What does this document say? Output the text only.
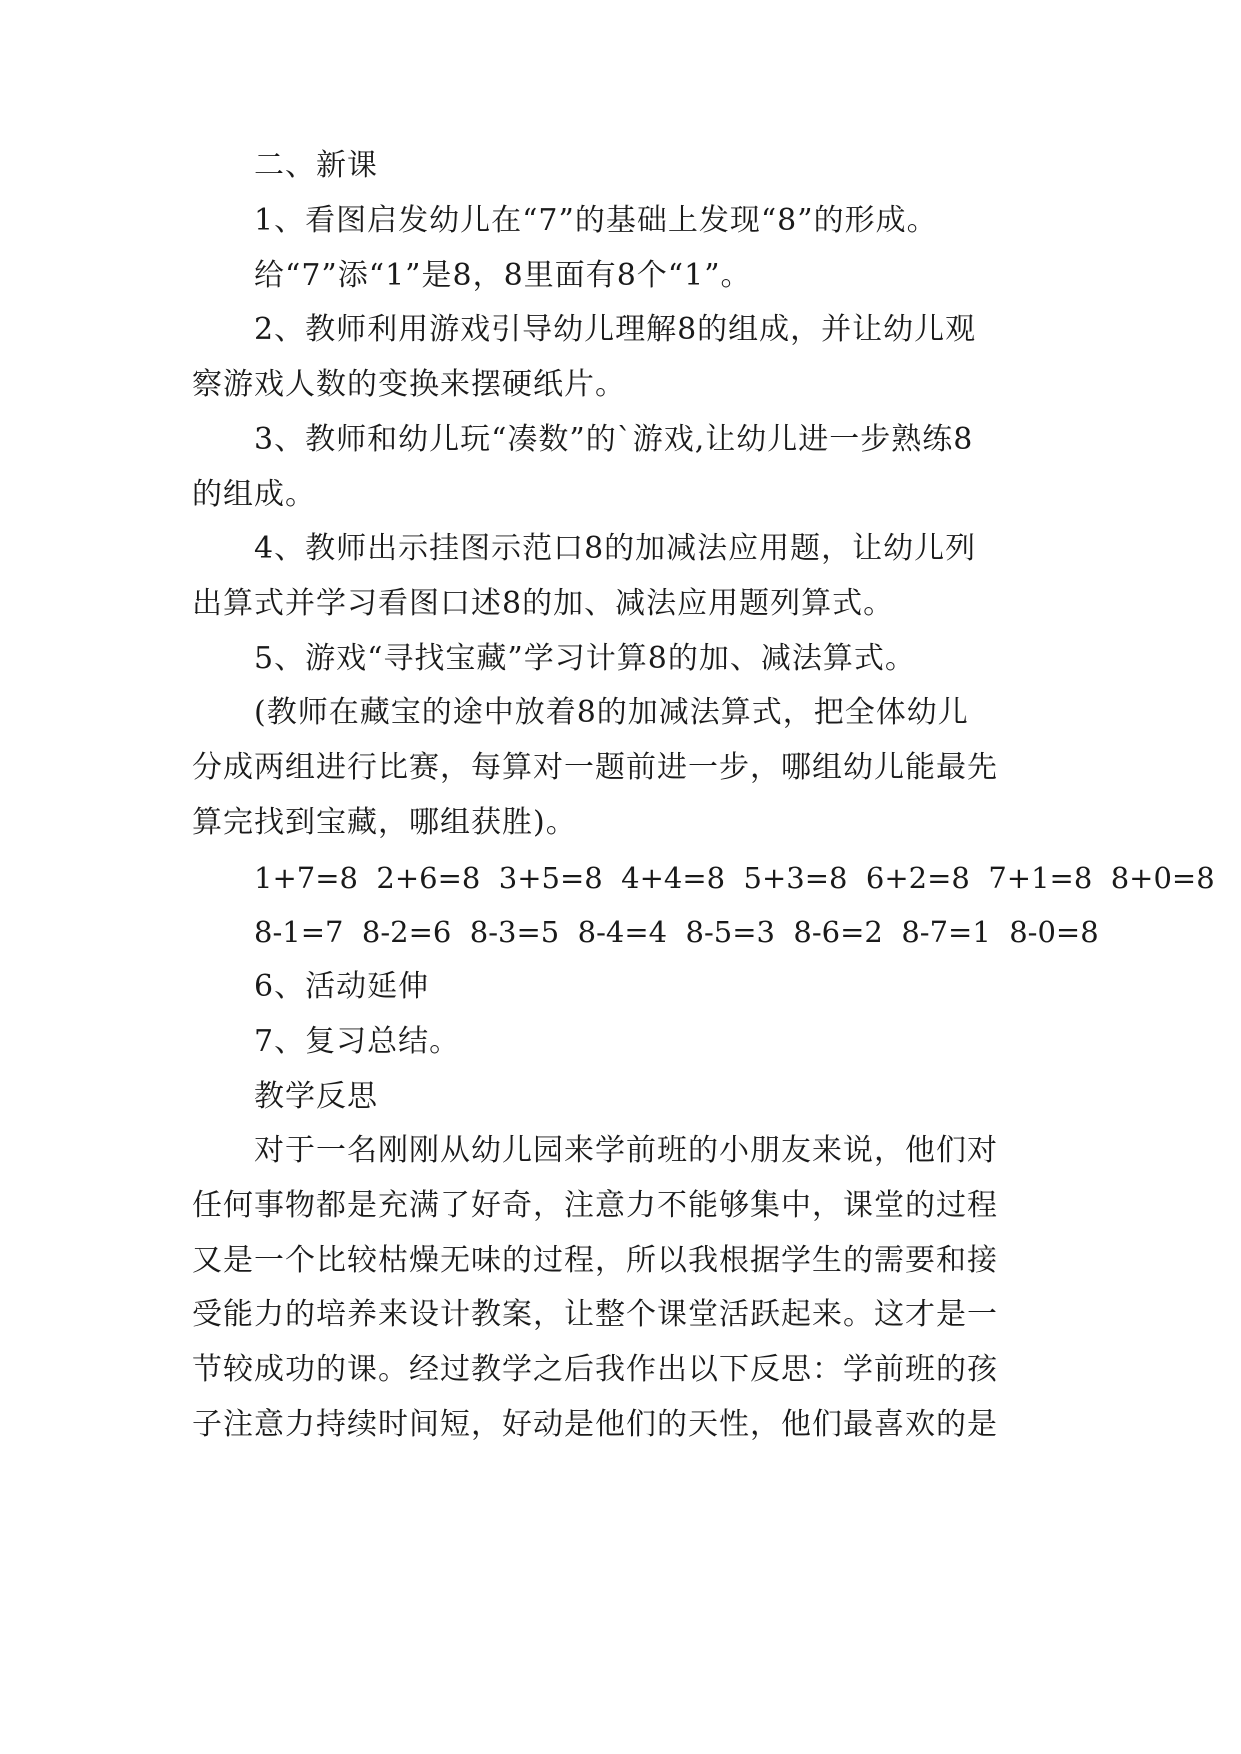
二、新课
1、看图启发幼儿在“7”的基础上发现“8”的形成。
给“7”添“1”是8，8里面有8个“1”。
2、教师利用游戏引导幼儿理解8的组成，并让幼儿观
察游戏人数的变换来摆硬纸片。
3、教师和幼儿玩“凑数”的`游戏,让幼儿进一步熟练8
的组成。
4、教师出示挂图示范口8的加减法应用题，让幼儿列
出算式并学习看图口述8的加、减法应用题列算式。
5、游戏“寻找宝藏”学习计算8的加、减法算式。
(教师在藏宝的途中放着8的加减法算式，把全体幼儿
分成两组进行比赛，每算对一题前进一步，哪组幼儿能最先
算完找到宝藏，哪组获胜)。
1+7=8  2+6=8  3+5=8  4+4=8  5+3=8  6+2=8  7+1=8  8+0=8
8-1=7  8-2=6  8-3=5  8-4=4  8-5=3  8-6=2  8-7=1  8-0=8
6、活动延伸
7、复习总结。
教学反思
对于一名刚刚从幼儿园来学前班的小朋友来说，他们对
任何事物都是充满了好奇，注意力不能够集中，课堂的过程
又是一个比较枯燥无味的过程，所以我根据学生的需要和接
受能力的培养来设计教案，让整个课堂活跃起来。这才是一
节较成功的课。经过教学之后我作出以下反思：学前班的孩
子注意力持续时间短，好动是他们的天性，他们最喜欢的是
